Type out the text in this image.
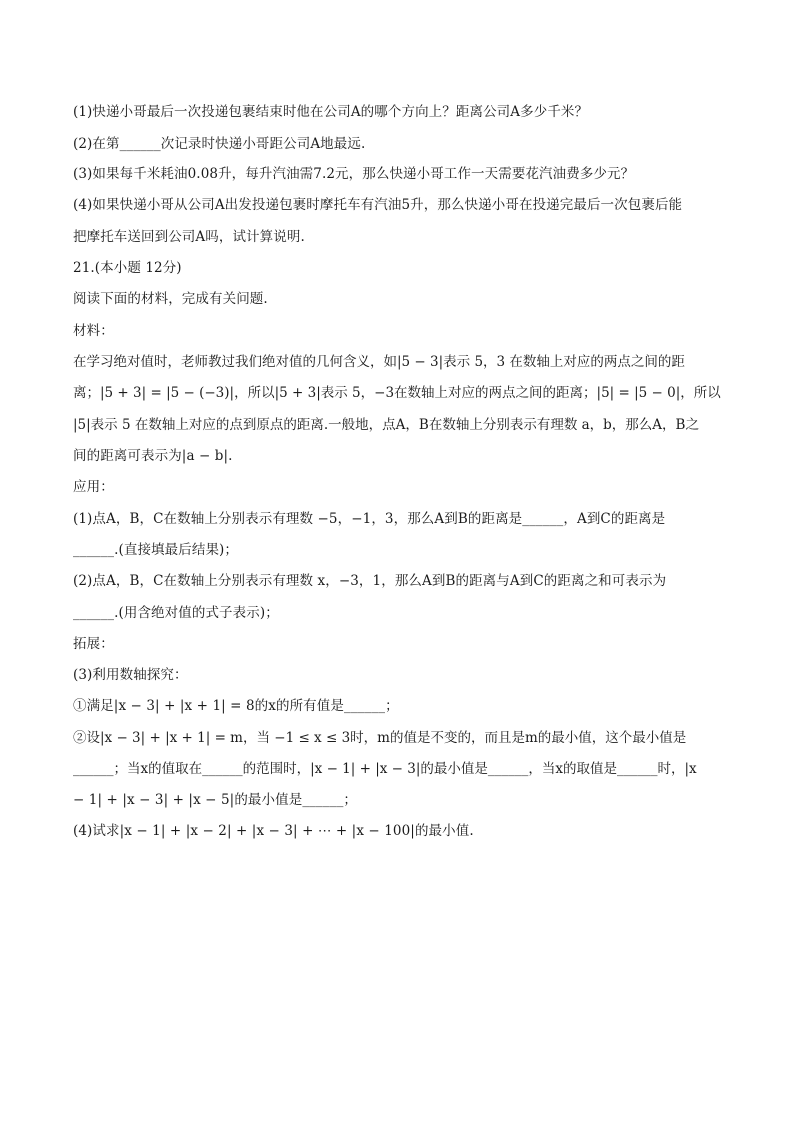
(1)快递小哥最后一次投递包裹结束时他在公司A的哪个方向上？距离公司A多少千米？
(2)在第______次记录时快递小哥距公司A地最远.
(3)如果每千米耗油0.08升，每升汽油需7.2元，那么快递小哥工作一天需要花汽油费多少元？
(4)如果快递小哥从公司A出发投递包裹时摩托车有汽油5升，那么快递小哥在投递完最后一次包裹后能
把摩托车送回到公司A吗，试计算说明.
21.(本小题 12分)
阅读下面的材料，完成有关问题.
材料：
在学习绝对值时，老师教过我们绝对值的几何含义，如|5 − 3|表示 5，3 在数轴上对应的两点之间的距
离；|5 + 3| = |5 − (−3)|，所以|5 + 3|表示 5，−3在数轴上对应的两点之间的距离；|5| = |5 − 0|，所以
|5|表示 5 在数轴上对应的点到原点的距离.一般地，点A，B在数轴上分别表示有理数 a，b，那么A，B之
间的距离可表示为|a − b|.
应用：
(1)点A，B，C在数轴上分别表示有理数 −5，−1，3，那么A到B的距离是______，A到C的距离是
______.(直接填最后结果)；
(2)点A，B，C在数轴上分别表示有理数 x，−3，1，那么A到B的距离与A到C的距离之和可表示为
______.(用含绝对值的式子表示)；
拓展：
(3)利用数轴探究：
①满足|x − 3| + |x + 1| = 8的x的所有值是______；
②设|x − 3| + |x + 1| = m，当 −1 ≤ x ≤ 3时，m的值是不变的，而且是m的最小值，这个最小值是
______；当x的值取在______的范围时，|x − 1| + |x − 3|的最小值是______，当x的取值是______时，|x
− 1| + |x − 3| + |x − 5|的最小值是______；
(4)试求|x − 1| + |x − 2| + |x − 3| + ⋯ + |x − 100|的最小值.
